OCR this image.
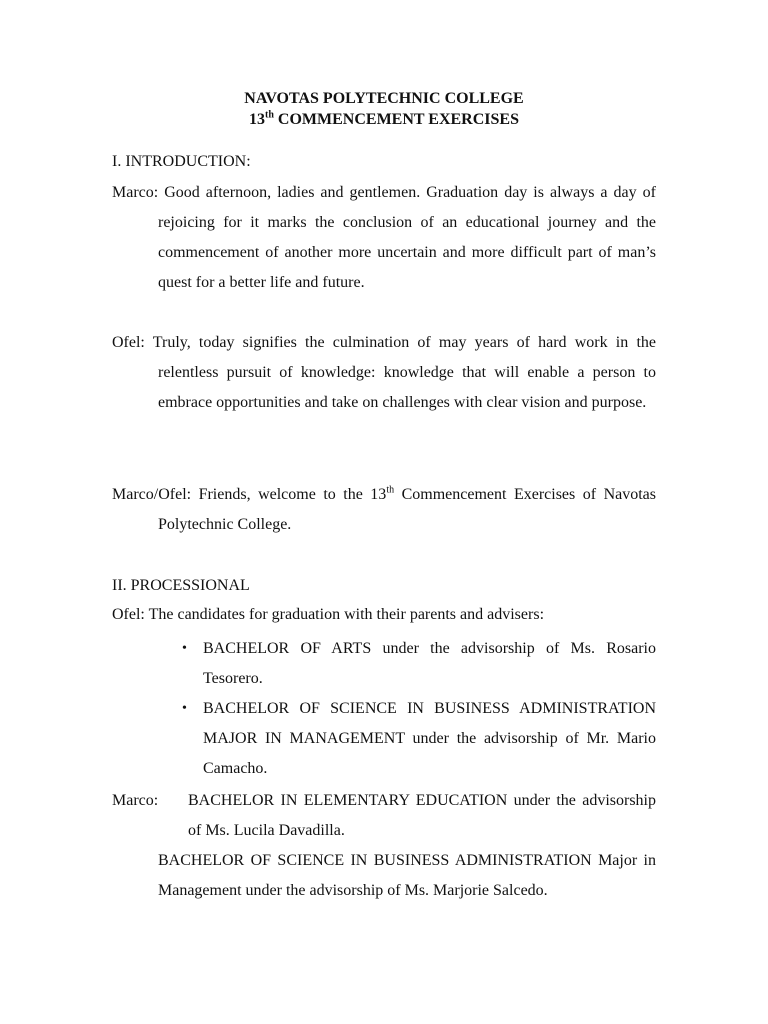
NAVOTAS POLYTECHNIC COLLEGE
13th COMMENCEMENT EXERCISES
I. INTRODUCTION:
Marco: Good afternoon, ladies and gentlemen. Graduation day is always a day of rejoicing for it marks the conclusion of an educational journey and the commencement of another more uncertain and more difficult part of man’s quest for a better life and future.
Ofel: Truly, today signifies the culmination of may years of hard work in the relentless pursuit of knowledge: knowledge that will enable a person to embrace opportunities and take on challenges with clear vision and purpose.
Marco/Ofel: Friends, welcome to the 13th Commencement Exercises of Navotas Polytechnic College.
II. PROCESSIONAL
Ofel: The candidates for graduation with their parents and advisers:
• BACHELOR OF ARTS under the advisorship of Ms. Rosario Tesorero.
• BACHELOR OF SCIENCE IN BUSINESS ADMINISTRATION MAJOR IN MANAGEMENT under the advisorship of Mr. Mario Camacho.
Marco:	BACHELOR IN ELEMENTARY EDUCATION under the advisorship of Ms. Lucila Davadilla.
BACHELOR OF SCIENCE IN BUSINESS ADMINISTRATION Major in Management under the advisorship of Ms. Marjorie Salcedo.
